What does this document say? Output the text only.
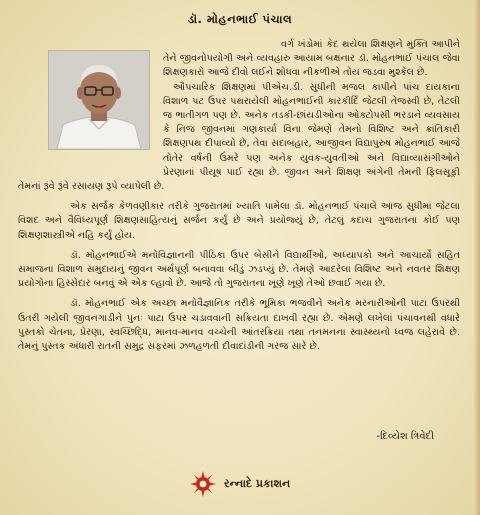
ડૉ. મોહનભાઈ પંચાલ

વર્ગ ખંડોમાં કેદ થયેલા શિક્ષણને મુક્તિ આપીને તેને જીવનોપયોગી અને વ્યવહારુ આયામ બક્ષનાર ડૉ. મોહનભાઈ પંચાલ જેવા શિક્ષણકારો આજે દીવો લઈને શોધવા નીકળીએ તોય જડવા મુશ્કેલ છે.

ઔપચારિક શિક્ષણમાં પીએચ.ડી. સુધીની મજલ કાપીને પાંચ દાયકાના વિશાળ પટ ઉપર પથરાયેલી મોહનભાઈની કારકીર્દિ જેટલી તેજસ્વી છે, તેટલી જ ભાતીગળ પણ છે. અનેક તડકી-છાંયડીઓના ઓક્ટોપસી ભરડાને વ્યવસાય કે નિજ જીવનમાં ગણકાર્યા વિના જેમણે તેમનો વિશિષ્ટ અને ક્રાંતિકારી શિક્ષણપથ દીપાવ્યો છે, તેવા સદાબહાર, આજીવન વિદ્યાપુરુષ મોહનભાઈ આજે તોતેર વર્ષની ઉંમરે પણ અનેક યુવક-યુવતીઓ અને વિદ્યાવ્યાસંગીઓને પ્રેરણાનાં પીયૂષ પાઈ રહ્યા છે. જીવન અને શિક્ષણ અંગેની તેમની ફિલસૂફી તેમનાં રૂંવે રૂંવે રસાયણ રૂપે વ્યાપેલી છે.

એક સર્જક કેળવણીકાર તરીકે ગુજરાતમાં ખ્યાતિ પામેલા ડૉ. મોહનભાઈ પંચાલે આજ સુધીમાં જેટલા વિશદ અને વૈવિધ્યપૂર્ણ શિક્ષણસાહિત્યનું સર્જન કર્યું છે અને પ્રયોજ્યું છે, તેટલું કદાચ ગુજરાતના કોઈ પણ શિક્ષણશાસ્ત્રીએ નહિ કર્યું હોય.

ડૉ. મોહનભાઈએ મનોવિજ્ઞાનની પીઠિકા ઉપર બેસીને વિદ્યાર્થીઓ, અધ્યાપકો અને આચાર્યો સહિત સમાજના વિશાળ સમુદાયનું જીવન અર્થપૂર્ણ બનાવવા બીડું ઝડપ્યું છે. તેમણે આદરેલા વિશિષ્ટ અને નવતર શિક્ષણ પ્રયોગોના હિસ્સેદાર બનવું એ એક લ્હાવો છે. આજે તો ગુજરાતના ખૂણે ખૂણે તેઓ છવાઈ ગયા છે.

ડૉ. મોહનભાઈ એક અચ્છા મનોવૈજ્ઞાનિક તરીકે ભૂમિકા ભજવીને અનેક મરનારીઓની પાટા ઉપરથી ઉતરી ગયેલી જીવનગાડીને પુનઃ પાટા ઉપર ચડાવવાની સક્રિયતા દાખવી રહ્યા છે. એમણે લખેલાં પંચાવનથી વધારે પુસ્તકો ચેતના, પ્રેરણા, સ્વચ્છિદ્ધિ, માનવ-માનવ વચ્ચેની આંતરક્રિયા તથા તનમનના સ્વાસ્થ્યનો ધ્વજ લહેરાવે છે. તેમનું પુસ્તક અંધારી રાતની સમુદ્ર સફરમાં ઝળહળતી દીવાદાંડીની ગરજ સારે છે.

-દિવ્યેશ ત્રિવેદી
રન્નાદે પ્રકાશન
